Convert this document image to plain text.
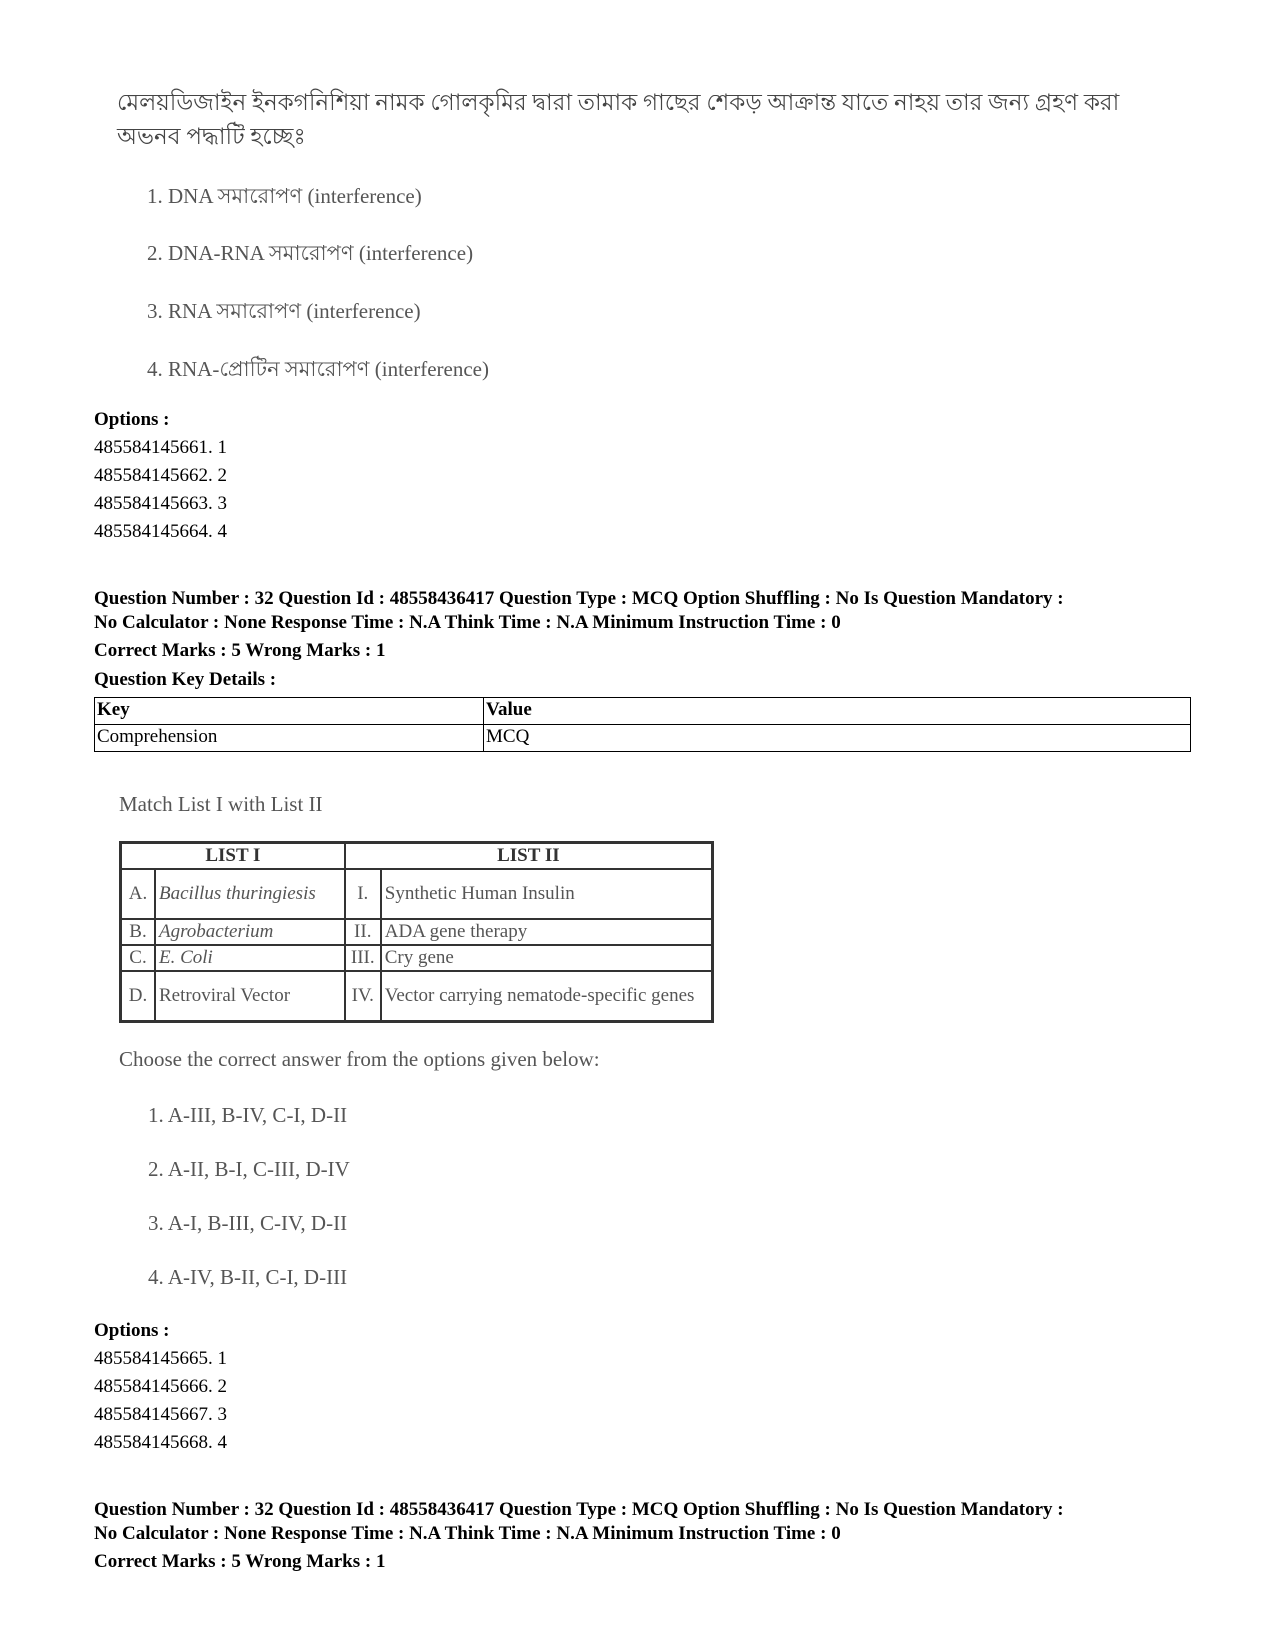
মেলয়ডিজাইন ইনকগনিশিয়া নামক গোলকৃমির দ্বারা তামাক গাছের শেকড় আক্রান্ত যাতে নাহয় তার জন্য গ্রহণ করা অভনব পদ্ধাটি হচ্ছেঃ
1. DNA সমারোপণ (interference)
2. DNA-RNA সমারোপণ (interference)
3. RNA সমারোপণ (interference)
4. RNA-প্রোটিন সমারোপণ (interference)
Options :
485584145661. 1
485584145662. 2
485584145663. 3
485584145664. 4
Question Number : 32 Question Id : 48558436417 Question Type : MCQ Option Shuffling : No Is Question Mandatory :
No Calculator : None Response Time : N.A Think Time : N.A Minimum Instruction Time : 0
Correct Marks : 5 Wrong Marks : 1
Question Key Details :
Key	Value
Comprehension	MCQ
Match List I with List II
LIST I		LIST II	
A.	Bacillus thuringiesis	I.	Synthetic Human Insulin
B.	Agrobacterium	II.	ADA gene therapy
C.	E. Coli	III.	Cry gene
D.	Retroviral Vector	IV.	Vector carrying nematode-specific genes
Choose the correct answer from the options given below:
1. A-III, B-IV, C-I, D-II
2. A-II, B-I, C-III, D-IV
3. A-I, B-III, C-IV, D-II
4. A-IV, B-II, C-I, D-III
Options :
485584145665. 1
485584145666. 2
485584145667. 3
485584145668. 4
Question Number : 32 Question Id : 48558436417 Question Type : MCQ Option Shuffling : No Is Question Mandatory :
No Calculator : None Response Time : N.A Think Time : N.A Minimum Instruction Time : 0
Correct Marks : 5 Wrong Marks : 1
